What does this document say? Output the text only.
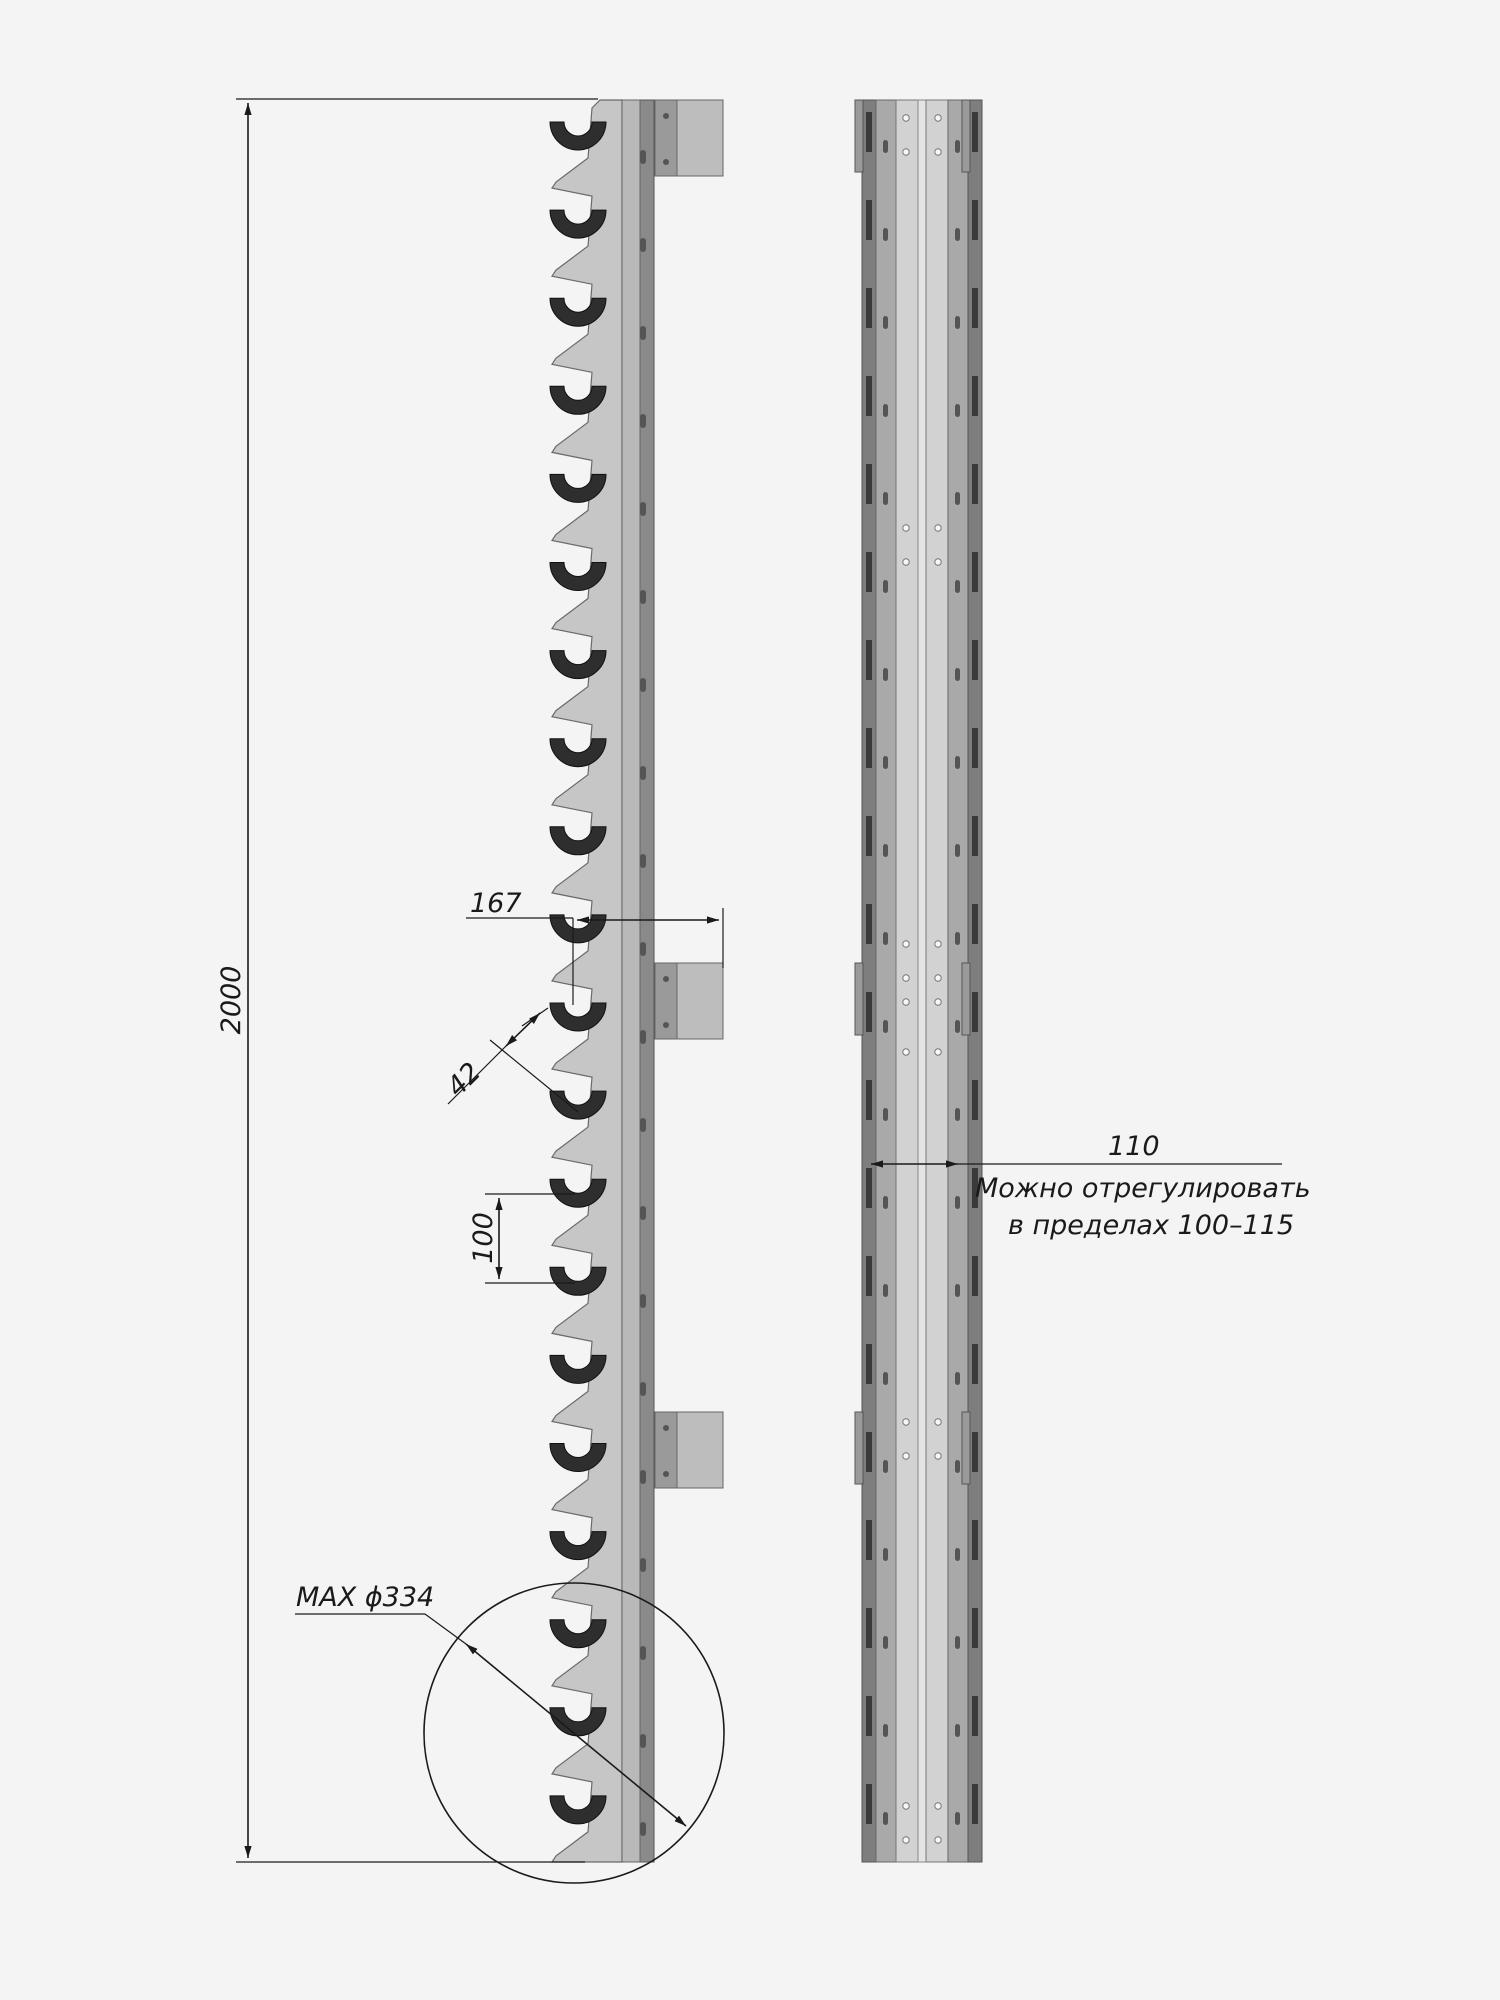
2000
167
42
100
MAX ϕ334
110
Можно отрегулировать
в пределах 100–115
